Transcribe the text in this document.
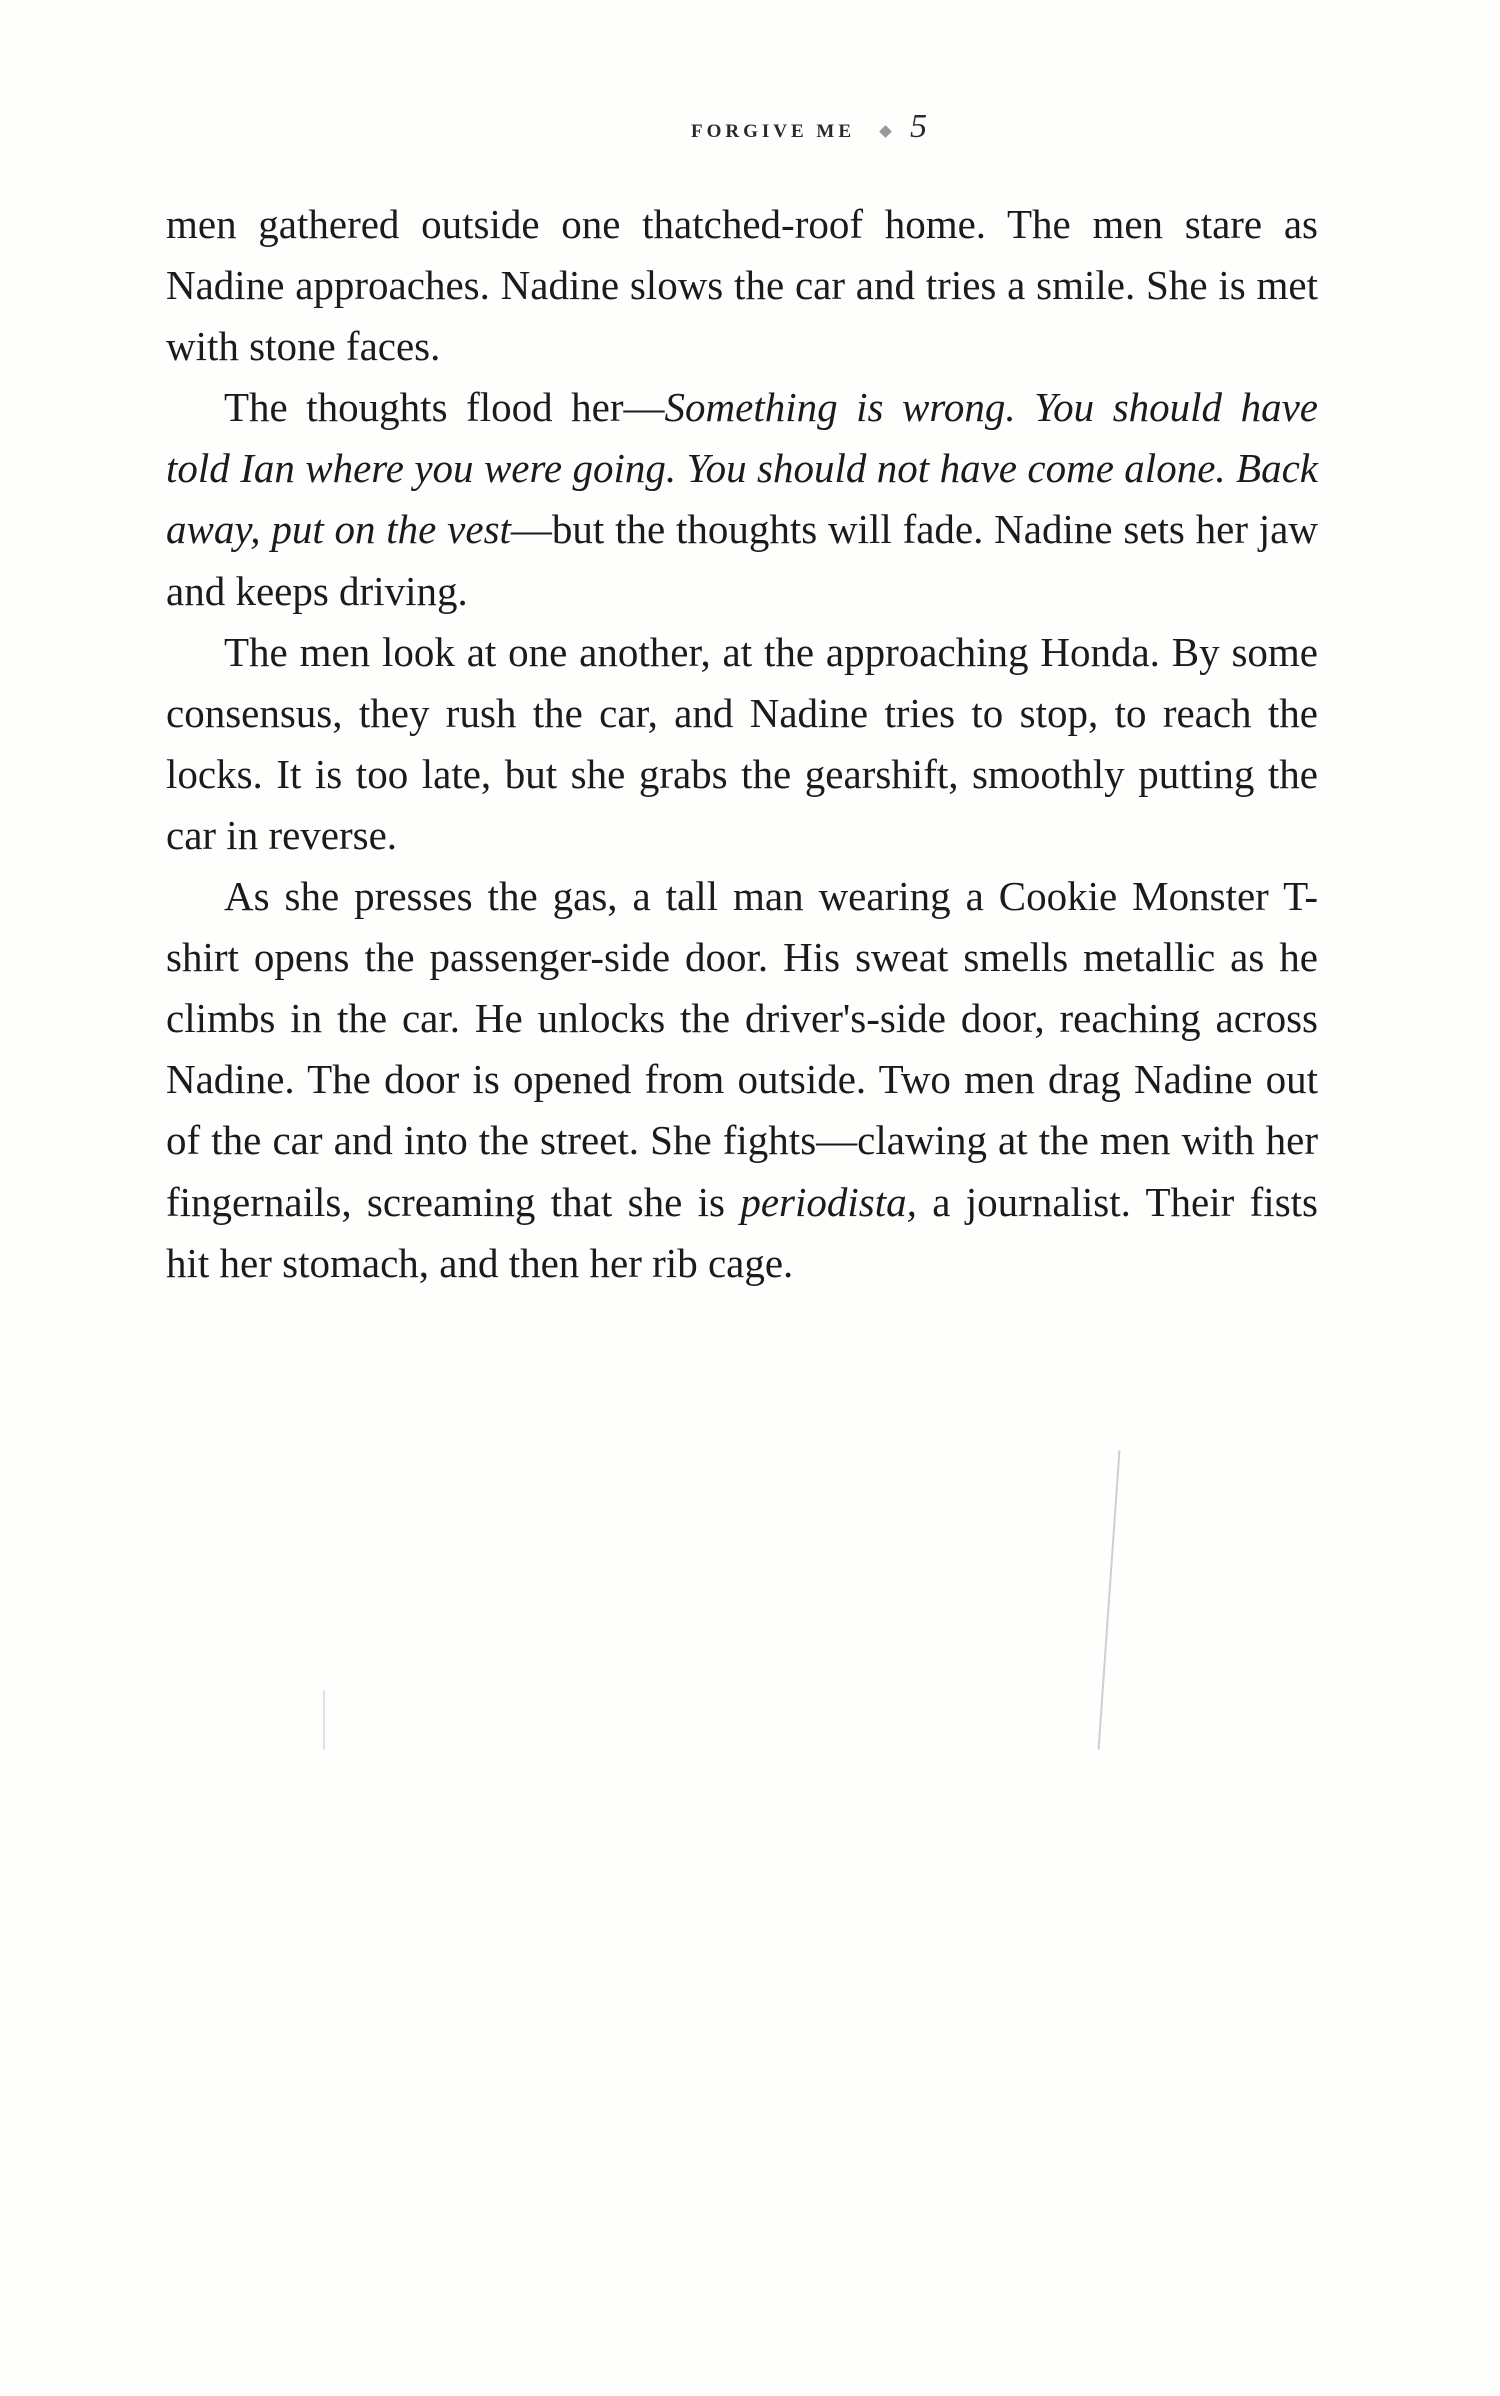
FORGIVE ME 5

men gathered outside one thatched-roof home. The men stare as Nadine approaches. Nadine slows the car and tries a smile. She is met with stone faces.

The thoughts flood her—Something is wrong. You should have told Ian where you were going. You should not have come alone. Back away, put on the vest—but the thoughts will fade. Nadine sets her jaw and keeps driving.

The men look at one another, at the approaching Honda. By some consensus, they rush the car, and Nadine tries to stop, to reach the locks. It is too late, but she grabs the gearshift, smoothly putting the car in reverse.

As she presses the gas, a tall man wearing a Cookie Monster T-shirt opens the passenger-side door. His sweat smells metallic as he climbs in the car. He unlocks the driver's-side door, reaching across Nadine. The door is opened from outside. Two men drag Nadine out of the car and into the street. She fights—clawing at the men with her fingernails, screaming that she is periodista, a journalist. Their fists hit her stomach, and then her rib cage.
